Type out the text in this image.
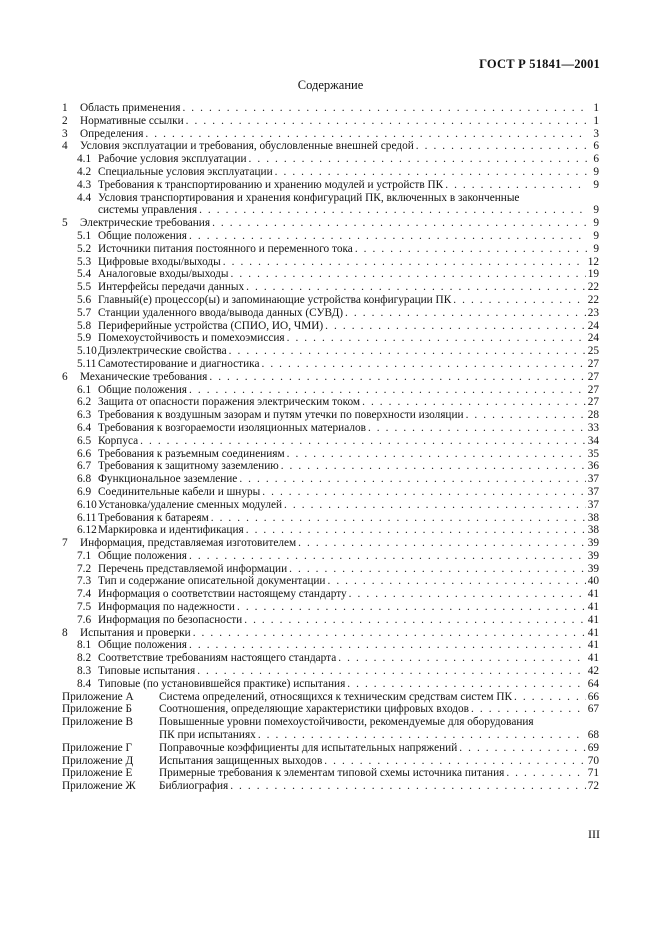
ГОСТ Р 51841—2001
Содержание
1	Область применения . . .	1
2	Нормативные ссылки . . .	1
3	Определения . . .	3
4	Условия эксплуатации и требования, обусловленные внешней средой . . .	6
4.1 Рабочие условия эксплуатации . . .	6
4.2 Специальные условия эксплуатации . . .	9
4.3 Требования к транспортированию и хранению модулей и устройств ПК . . .	9
4.4 Условия транспортирования и хранения конфигураций ПК, включенных в законченные
системы управления . . .	9
5	Электрические требования . . .	9
5.1 Общие положения . . .	9
5.2 Источники питания постоянного и переменного тока . . .	9
5.3 Цифровые входы/выходы . . .	12
5.4 Аналоговые входы/выходы . . .	19
5.5 Интерфейсы передачи данных . . .	22
5.6 Главный(е) процессор(ы) и запоминающие устройства конфигурации ПК . . .	22
5.7 Станции удаленного ввода/вывода данных (СУВД) . . .	23
5.8 Периферийные устройства (СПИО, ИО, ЧМИ) . . .	24
5.9 Помехоустойчивость и помехоэмиссия . . .	24
5.10 Диэлектрические свойства . . .	25
5.11 Самотестирование и диагностика . . .	27
6	Механические требования . . .	27
6.1 Общие положения . . .	27
6.2 Защита от опасности поражения электрическим током . . .	27
6.3 Требования к воздушным зазорам и путям утечки по поверхности изоляции . . .	28
6.4 Требования к возгораемости изоляционных материалов . . .	33
6.5 Корпуса . . .	34
6.6 Требования к разъемным соединениям . . .	35
6.7 Требования к защитному заземлению . . .	36
6.8 Функциональное заземление . . .	37
6.9 Соединительные кабели и шнуры . . .	37
6.10 Установка/удаление сменных модулей . . .	37
6.11 Требования к батареям . . .	38
6.12 Маркировка и идентификация . . .	38
7	Информация, представляемая изготовителем . . .	39
7.1 Общие положения . . .	39
7.2 Перечень представляемой информации . . .	39
7.3 Тип и содержание описательной документации . . .	40
7.4 Информация о соответствии настоящему стандарту . . .	41
7.5 Информация по надежности . . .	41
7.6 Информация по безопасности . . .	41
8	Испытания и проверки . . .	41
8.1 Общие положения . . .	41
8.2 Соответствие требованиям настоящего стандарта . . .	41
8.3 Типовые испытания . . .	42
8.4 Типовые (по установившейся практике) испытания . . .	64
Приложение А	Система определений, относящихся к техническим средствам систем ПК . . .	66
Приложение Б	Соотношения, определяющие характеристики цифровых входов . . .	67
Приложение В	Повышенные уровни помехоустойчивости, рекомендуемые для оборудования
ПК при испытаниях . . .	68
Приложение Г	Поправочные коэффициенты для испытательных напряжений . . .	69
Приложение Д	Испытания защищенных выходов . . .	70
Приложение Е	Примерные требования к элементам типовой схемы источника питания . . .	71
Приложение Ж	Библиография . . .	72
III
